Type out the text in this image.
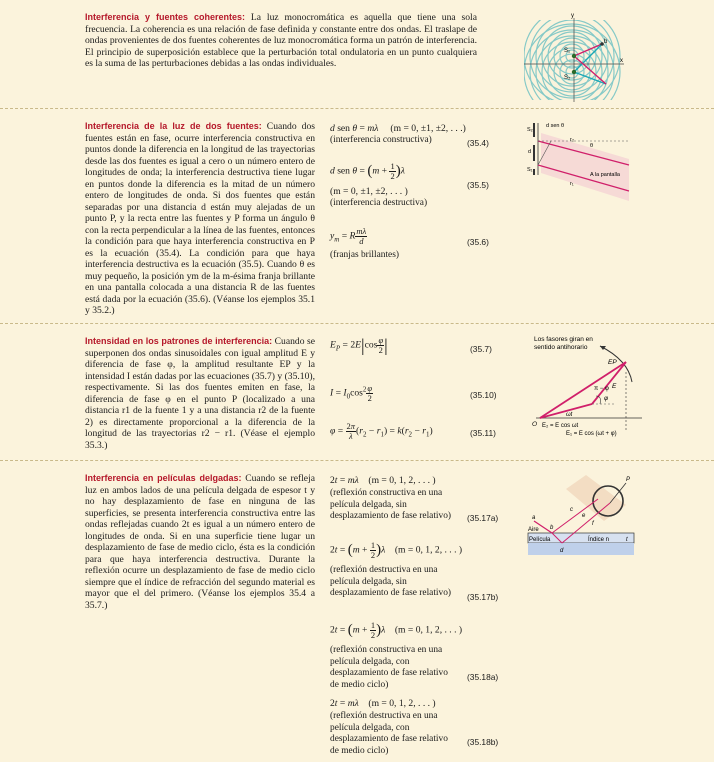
Interferencia y fuentes coherentes: La luz monocromática es aquella que tiene una sola frecuencia. La coherencia es una relación de fase definida y constante entre dos ondas. El traslape de ondas provenientes de dos fuentes coherentes de luz monocromática forma un patrón de interferencia. El principio de superposición establece que la perturbación total ondulatoria en un punto cualquiera es la suma de las perturbaciones debidas a las ondas individuales.
y
x
S₁
S₂
b
Interferencia de la luz de dos fuentes: Cuando dos fuentes están en fase, ocurre interferencia constructiva en puntos donde la diferencia en la longitud de las trayectorias desde las dos fuentes es igual a cero o un número entero de longitudes de onda; la interferencia destructiva tiene lugar en puntos donde la diferencia es la mitad de un número entero de longitudes de onda. Si dos fuentes que están separadas por una distancia d están muy alejadas de un punto P, y la recta entre las fuentes y P forma un ángulo θ con la recta perpendicular a la línea de las fuentes, entonces la condición para que haya interferencia constructiva en P es la ecuación (35.4). La condición para que haya interferencia destructiva es la ecuación (35.5). Cuando θ es muy pequeño, la posición ym de la m-ésima franja brillante en una pantalla colocada a una distancia R de las fuentes está dada por la ecuación (35.6). (Véanse los ejemplos 35.1 y 35.2.)
d sen θ = mλ (m = 0, ±1, ±2, . . .)
(interferencia constructiva)	(35.4)
d sen $\theta = (m + \frac{1}{2} )\lambda$
(m = 0, ±1, ±2, . . . )
(interferencia destructiva)
(35.5)
$y_m = R \frac{m\lambda}{d}$
(franjas brillantes)
(35.6)
d sen θ
r₂
θ
S₂
S₁
d
A la pantalla
r₁
Intensidad en los patrones de interferencia: Cuando se superponen dos ondas sinusoidales con igual amplitud E y diferencia de fase φ, la amplitud resultante EP y la intensidad I están dadas por las ecuaciones (35.7) y (35.10), respectivamente. Si las dos fuentes emiten en fase, la diferencia de fase φ en el punto P (localizado a una distancia r1 de la fuente 1 y a una distancia r2 de la fuente 2) es directamente proporcional a la diferencia de la longitud de las trayectorias r2 − r1. (Véase el ejemplo 35.3.)
$E_P = 2E|\cos \frac{\varphi}{2}$ |	(35.7)
$I = I_0\cos^2 \frac{\varphi}{2}$	(35.10)
$\varphi = \frac{2\pi}{\lambda} (r_2 - r_1) = k(r_2 - r_1)$	(35.11)
Los fasores giran en
sentido antihorario
EP
π − φ
φ
E
ωt
O E₂ = E cos ωt
E₁ = E cos (ωt + φ)
Interferencia en películas delgadas: Cuando se refleja luz en ambos lados de una película delgada de espesor t y no hay desplazamiento de fase en ninguna de las superficies, se presenta interferencia constructiva entre las ondas reflejadas cuando 2t es igual a un número entero de longitudes de onda. Si en una superficie tiene lugar un desplazamiento de fase de medio ciclo, ésta es la condición para que haya interferencia destructiva. Durante la reflexión ocurre un desplazamiento de fase de medio ciclo siempre que el índice de refracción del segundo material es mayor que el del primero. (Véanse los ejemplos 35.4 a 35.7.)
2t = mλ (m = 0, 1, 2, . . . )
(reflexión constructiva en una película delgada, sin desplazamiento de fase relativo)	(35.17a)
$2t = (m + \frac{1}{2} )\lambda$ (m = 0, 1, 2, . . . )
(reflexión destructiva en una película delgada, sin desplazamiento de fase relativo)	(35.17b)
$2t = (m + \frac{1}{2} )\lambda$ (m = 0, 1, 2, . . . )
(reflexión constructiva en una película delgada, con desplazamiento de fase relativo de medio ciclo)
(35.18a)
2t = mλ (m = 0, 1, 2, . . . )
(reflexión destructiva en una película delgada, con desplazamiento de fase relativo de medio ciclo)
(35.18b)
Aire
Película	Índice n
a
b
c
d
e
f
P
t
